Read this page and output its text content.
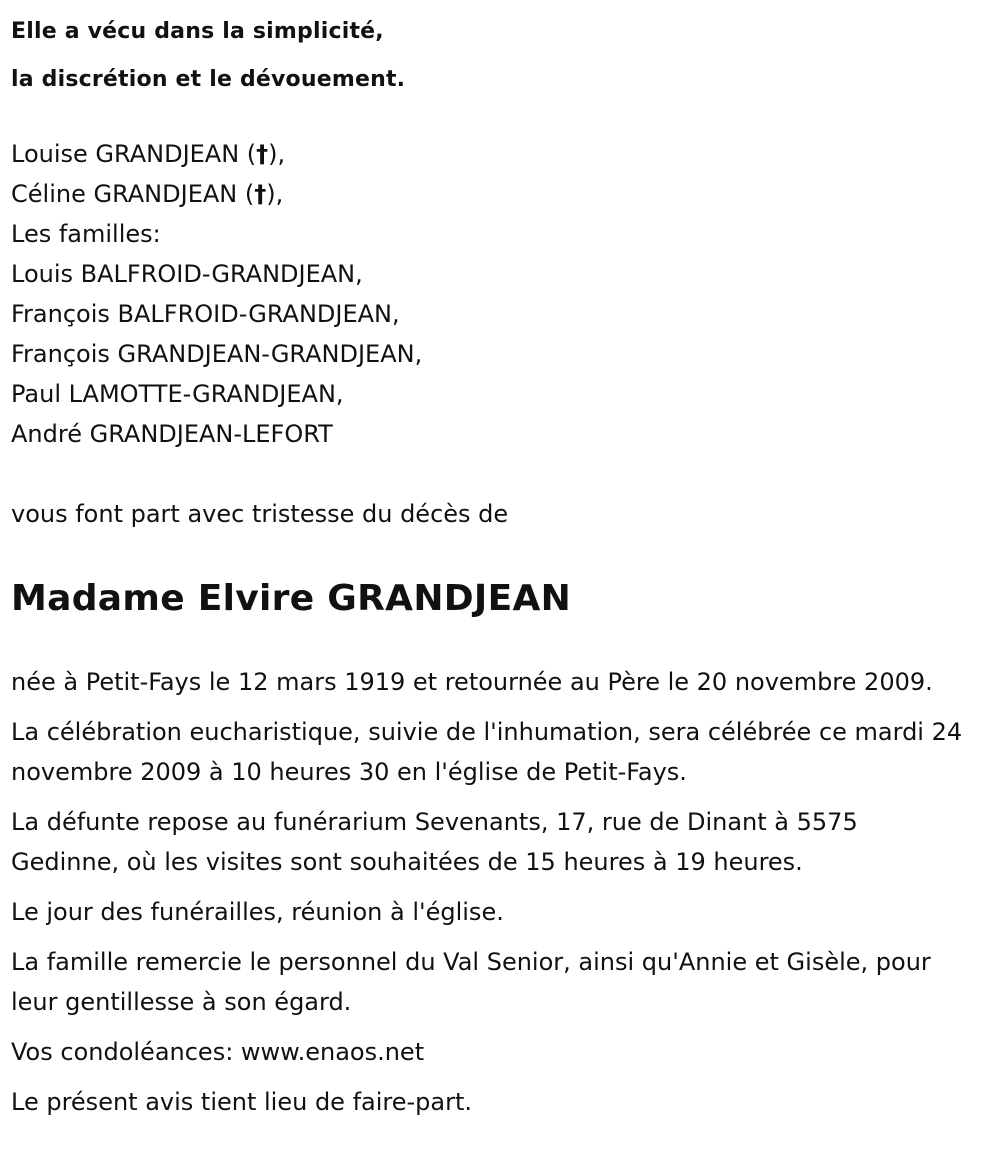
Elle a vécu dans la simplicité,

la discrétion et le dévouement.

Louise GRANDJEAN (†),
Céline GRANDJEAN (†),
Les familles:
Louis BALFROID-GRANDJEAN,
François BALFROID-GRANDJEAN,
François GRANDJEAN-GRANDJEAN,
Paul LAMOTTE-GRANDJEAN,
André GRANDJEAN-LEFORT
vous font part avec tristesse du décès de
Madame Elvire GRANDJEAN

née à Petit-Fays le 12 mars 1919 et retournée au Père le 20 novembre 2009.

La célébration eucharistique, suivie de l'inhumation, sera célébrée ce mardi 24 novembre 2009 à 10 heures 30 en l'église de Petit-Fays.

La défunte repose au funérarium Sevenants, 17, rue de Dinant à 5575 Gedinne, où les visites sont souhaitées de 15 heures à 19 heures.

Le jour des funérailles, réunion à l'église.

La famille remercie le personnel du Val Senior, ainsi qu'Annie et Gisèle, pour leur gentillesse à son égard.

Vos condoléances: www.enaos.net

Le présent avis tient lieu de faire-part.
